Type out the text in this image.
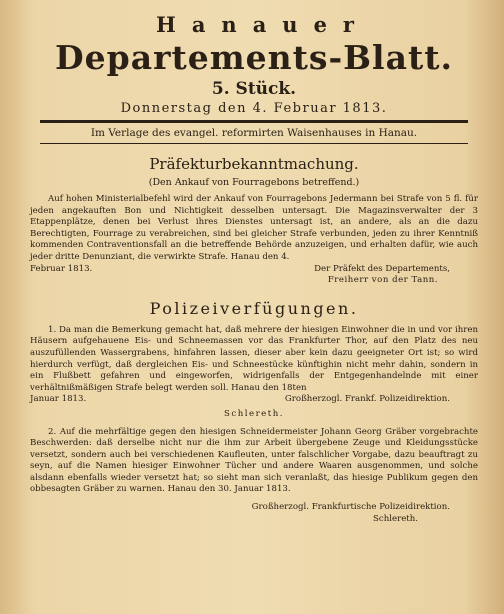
Hanauer
Departements-Blatt.
5. Stück.
Donnerstag den 4. Februar 1813.
Im Verlage des evangel. reformirten Waisenhauses in Hanau.
Präfekturbekanntmachung.
(Den Ankauf von Fourragebons betreffend.)

Auf hohen Ministerialbefehl wird der Ankauf von Fourragebons Jedermann bei Strafe von 5 fl. für jeden angekauften Bon und Nichtigkeit desselben untersagt. Die Magazinsverwalter der 3 Etappenplätze, denen bei Verlust ihres Dienstes untersagt ist, an andere, als an die dazu Berechtigten, Fourrage zu verabreichen, sind bei gleicher Strafe verbunden, jeden zu ihrer Kenntniß kommenden Contraventionsfall an die betreffende Behörde anzuzeigen, und erhalten dafür, wie auch jeder dritte Denunziant, die verwirkte Strafe. Hanau den 4.

Februar 1813.	Der Präfekt des Departements,
Freiherr von der Tann.
Polizeiverfügungen.

1. Da man die Bemerkung gemacht hat, daß mehrere der hiesigen Einwohner die in und vor ihren Häusern aufgehauene Eis- und Schneemassen vor das Frankfurter Thor, auf den Platz des neu auszufüllenden Wassergrabens, hinfahren lassen, dieser aber kein dazu geeigneter Ort ist; so wird hierdurch verfügt, daß dergleichen Eis- und Schneestücke künftighin nicht mehr dahin, sondern in ein Flußbett gefahren und eingeworfen, widrigenfalls der Entgegenhandelnde mit einer verhältnißmäßigen Strafe belegt werden soll. Hanau den 18ten

Januar 1813.	Großherzogl. Frankf. Polizeidirektion.
Schlereth.

2. Auf die mehrfältige gegen den hiesigen Schneidermeister Johann Georg Gräber vorgebrachte Beschwerden: daß derselbe nicht nur die ihm zur Arbeit übergebene Zeuge und Kleidungsstücke versetzt, sondern auch bei verschiedenen Kaufleuten, unter falschlicher Vorgabe, dazu beauftragt zu seyn, auf die Namen hiesiger Einwohner Tücher und andere Waaren ausgenommen, und solche alsdann ebenfalls wieder versetzt hat; so sieht man sich veranlaßt, das hiesige Publikum gegen den obbesagten Gräber zu warnen. Hanau den 30. Januar 1813.

Großherzogl. Frankfurtische Polizeidirektion.
Schlereth.
